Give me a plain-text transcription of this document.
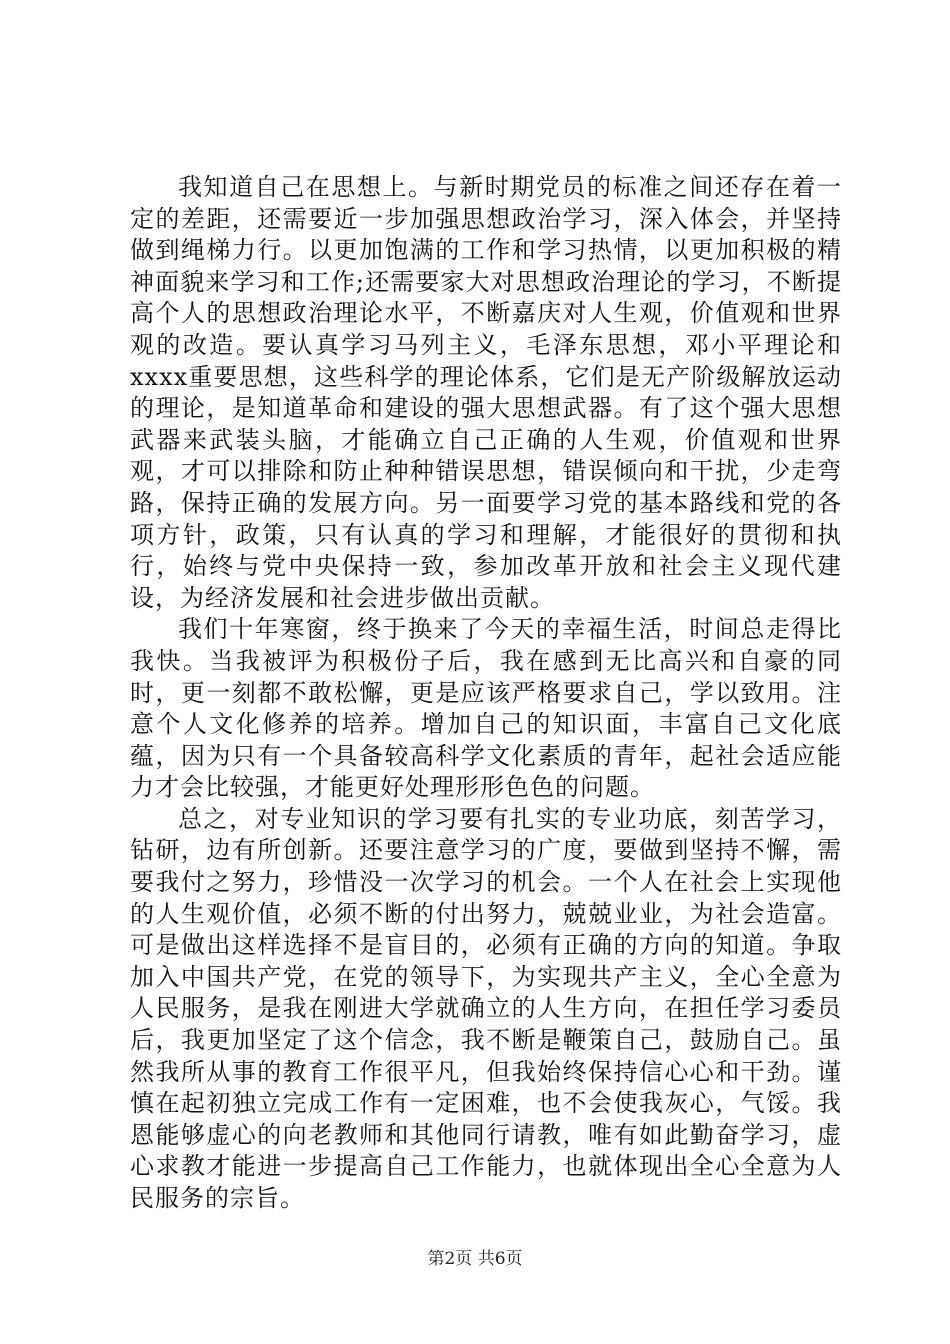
我知道自己在思想上。与新时期党员的标准之间还存在着一定的差距，还需要近一步加强思想政治学习，深入体会，并坚持做到绳梯力行。以更加饱满的工作和学习热情，以更加积极的精神面貌来学习和工作;还需要家大对思想政治理论的学习，不断提高个人的思想政治理论水平，不断嘉庆对人生观，价值观和世界观的改造。要认真学习马列主义，毛泽东思想，邓小平理论和xxxx重要思想，这些科学的理论体系，它们是无产阶级解放运动的理论，是知道革命和建设的强大思想武器。有了这个强大思想武器来武装头脑，才能确立自己正确的人生观，价值观和世界观，才可以排除和防止种种错误思想，错误倾向和干扰，少走弯路，保持正确的发展方向。另一面要学习党的基本路线和党的各项方针，政策，只有认真的学习和理解，才能很好的贯彻和执行，始终与党中央保持一致，参加改革开放和社会主义现代建设，为经济发展和社会进步做出贡献。

我们十年寒窗，终于换来了今天的幸福生活，时间总走得比我快。当我被评为积极份子后，我在感到无比高兴和自豪的同时，更一刻都不敢松懈，更是应该严格要求自己，学以致用。注意个人文化修养的培养。增加自己的知识面，丰富自己文化底蕴，因为只有一个具备较高科学文化素质的青年，起社会适应能力才会比较强，才能更好处理形形色色的问题。

总之，对专业知识的学习要有扎实的专业功底，刻苦学习，钻研，边有所创新。还要注意学习的广度，要做到坚持不懈，需要我付之努力，珍惜没一次学习的机会。一个人在社会上实现他的人生观价值，必须不断的付出努力，兢兢业业，为社会造富。可是做出这样选择不是盲目的，必须有正确的方向的知道。争取加入中国共产党，在党的领导下，为实现共产主义，全心全意为人民服务，是我在刚进大学就确立的人生方向，在担任学习委员后，我更加坚定了这个信念，我不断是鞭策自己，鼓励自己。虽然我所从事的教育工作很平凡，但我始终保持信心心和干劲。谨慎在起初独立完成工作有一定困难，也不会使我灰心，气馁。我恩能够虚心的向老教师和其他同行请教，唯有如此勤奋学习，虚心求教才能进一步提高自己工作能力，也就体现出全心全意为人民服务的宗旨。

第2页 共6页
